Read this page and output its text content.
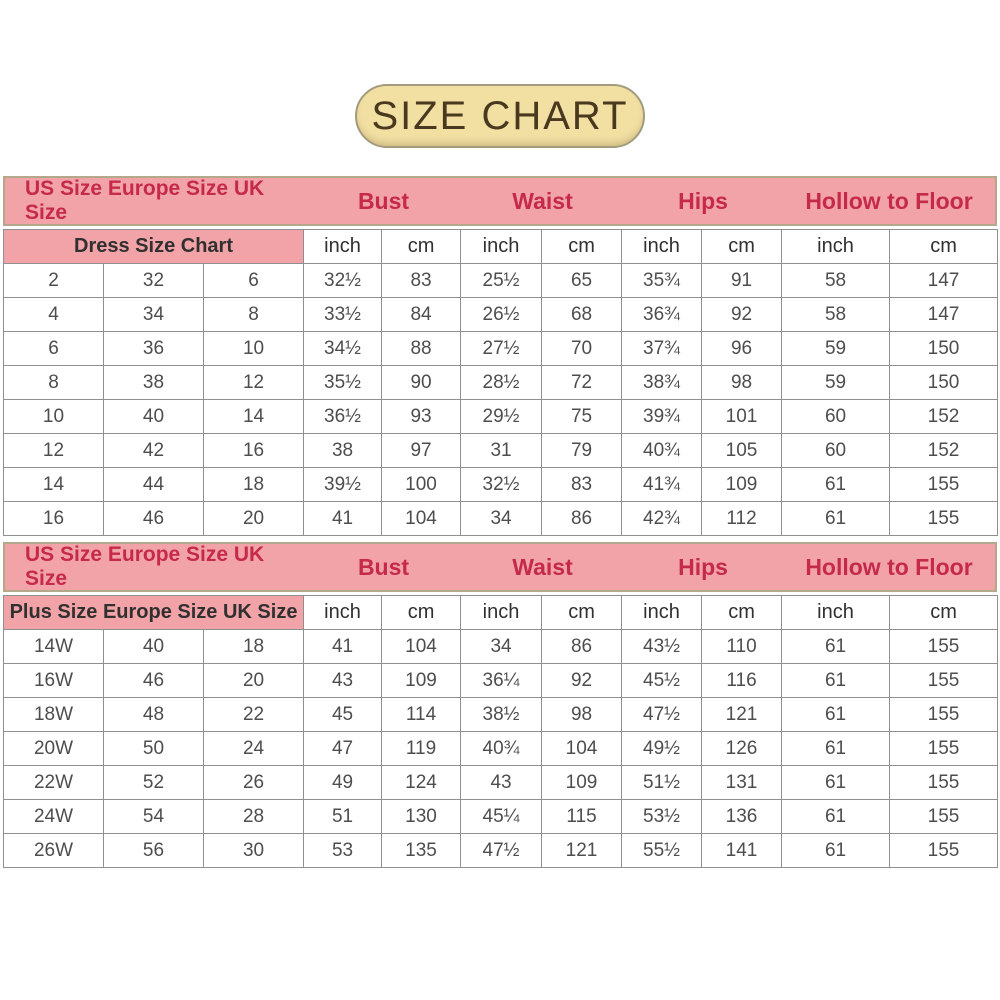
SIZE CHART
US Size Europe Size UK Size	Bust	Waist	Hips	Hollow to Floor
Dress Size Chart			inch	cm	inch	cm	inch	cm	inch	cm
2	32	6	32½	83	25½	65	35¾	91	58	147
4	34	8	33½	84	26½	68	36¾	92	58	147
6	36	10	34½	88	27½	70	37¾	96	59	150
8	38	12	35½	90	28½	72	38¾	98	59	150
10	40	14	36½	93	29½	75	39¾	101	60	152
12	42	16	38	97	31	79	40¾	105	60	152
14	44	18	39½	100	32½	83	41¾	109	61	155
16	46	20	41	104	34	86	42¾	112	61	155
US Size Europe Size UK Size	Bust	Waist	Hips	Hollow to Floor
Plus Size Europe Size UK Size			inch	cm	inch	cm	inch	cm	inch	cm
14W	40	18	41	104	34	86	43½	110	61	155
16W	46	20	43	109	36¼	92	45½	116	61	155
18W	48	22	45	114	38½	98	47½	121	61	155
20W	50	24	47	119	40¾	104	49½	126	61	155
22W	52	26	49	124	43	109	51½	131	61	155
24W	54	28	51	130	45¼	115	53½	136	61	155
26W	56	30	53	135	47½	121	55½	141	61	155
